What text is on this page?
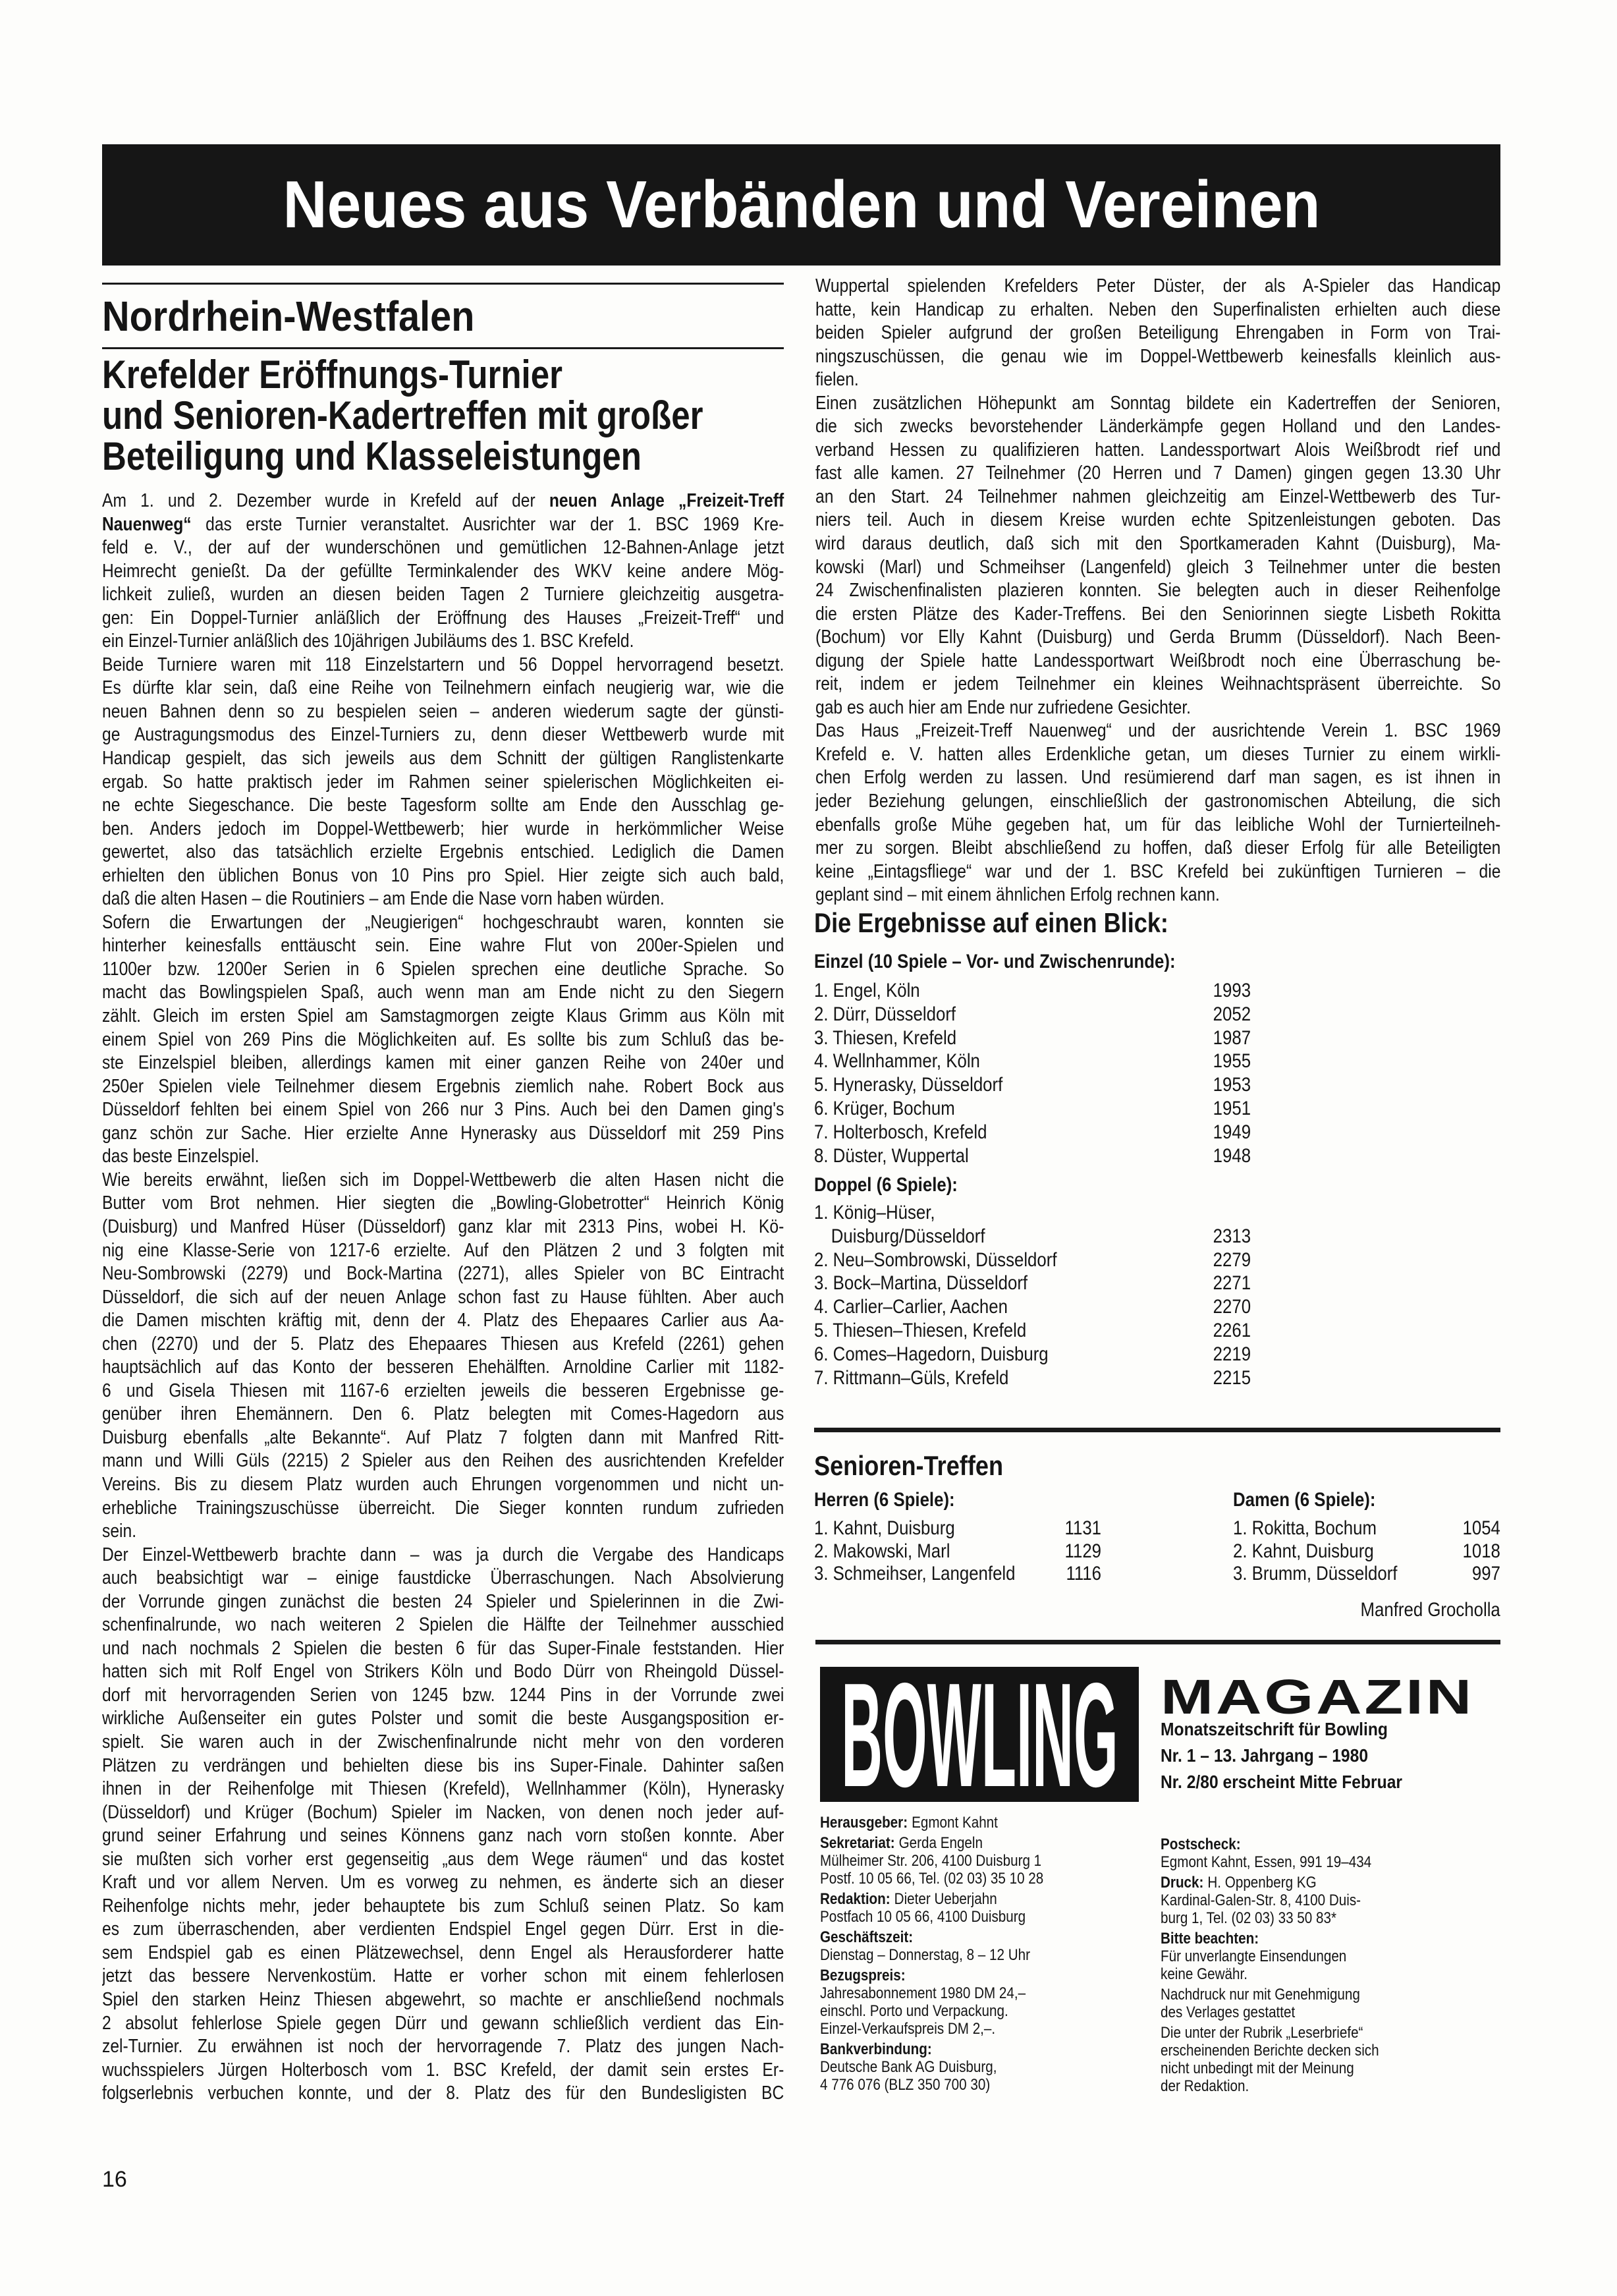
Neues aus Verbänden und Vereinen
Nordrhein-Westfalen
Krefelder Eröffnungs-Turnier
und Senioren-Kadertreffen mit großer
Beteiligung und Klasseleistungen
Am 1. und 2. Dezember wurde in Krefeld auf der neuen Anlage „Freizeit-Treff
Nauenweg“ das erste Turnier veranstaltet. Ausrichter war der 1. BSC 1969 Kre-
feld e. V., der auf der wunderschönen und gemütlichen 12-Bahnen-Anlage jetzt
Heimrecht genießt. Da der gefüllte Terminkalender des WKV keine andere Mög-
lichkeit zuließ, wurden an diesen beiden Tagen 2 Turniere gleichzeitig ausgetra-
gen: Ein Doppel-Turnier anläßlich der Eröffnung des Hauses „Freizeit-Treff“ und
ein Einzel-Turnier anläßlich des 10jährigen Jubiläums des 1. BSC Krefeld.
Beide Turniere waren mit 118 Einzelstartern und 56 Doppel hervorragend besetzt.
Es dürfte klar sein, daß eine Reihe von Teilnehmern einfach neugierig war, wie die
neuen Bahnen denn so zu bespielen seien – anderen wiederum sagte der günsti-
ge Austragungsmodus des Einzel-Turniers zu, denn dieser Wettbewerb wurde mit
Handicap gespielt, das sich jeweils aus dem Schnitt der gültigen Ranglistenkarte
ergab. So hatte praktisch jeder im Rahmen seiner spielerischen Möglichkeiten ei-
ne echte Siegeschance. Die beste Tagesform sollte am Ende den Ausschlag ge-
ben. Anders jedoch im Doppel-Wettbewerb; hier wurde in herkömmlicher Weise
gewertet, also das tatsächlich erzielte Ergebnis entschied. Lediglich die Damen
erhielten den üblichen Bonus von 10 Pins pro Spiel. Hier zeigte sich auch bald,
daß die alten Hasen – die Routiniers – am Ende die Nase vorn haben würden.
Sofern die Erwartungen der „Neugierigen“ hochgeschraubt waren, konnten sie
hinterher keinesfalls enttäuscht sein. Eine wahre Flut von 200er-Spielen und
1100er bzw. 1200er Serien in 6 Spielen sprechen eine deutliche Sprache. So
macht das Bowlingspielen Spaß, auch wenn man am Ende nicht zu den Siegern
zählt. Gleich im ersten Spiel am Samstagmorgen zeigte Klaus Grimm aus Köln mit
einem Spiel von 269 Pins die Möglichkeiten auf. Es sollte bis zum Schluß das be-
ste Einzelspiel bleiben, allerdings kamen mit einer ganzen Reihe von 240er und
250er Spielen viele Teilnehmer diesem Ergebnis ziemlich nahe. Robert Bock aus
Düsseldorf fehlten bei einem Spiel von 266 nur 3 Pins. Auch bei den Damen ging's
ganz schön zur Sache. Hier erzielte Anne Hynerasky aus Düsseldorf mit 259 Pins
das beste Einzelspiel.
Wie bereits erwähnt, ließen sich im Doppel-Wettbewerb die alten Hasen nicht die
Butter vom Brot nehmen. Hier siegten die „Bowling-Globetrotter“ Heinrich König
(Duisburg) und Manfred Hüser (Düsseldorf) ganz klar mit 2313 Pins, wobei H. Kö-
nig eine Klasse-Serie von 1217-6 erzielte. Auf den Plätzen 2 und 3 folgten mit
Neu-Sombrowski (2279) und Bock-Martina (2271), alles Spieler von BC Eintracht
Düsseldorf, die sich auf der neuen Anlage schon fast zu Hause fühlten. Aber auch
die Damen mischten kräftig mit, denn der 4. Platz des Ehepaares Carlier aus Aa-
chen (2270) und der 5. Platz des Ehepaares Thiesen aus Krefeld (2261) gehen
hauptsächlich auf das Konto der besseren Ehehälften. Arnoldine Carlier mit 1182-
6 und Gisela Thiesen mit 1167-6 erzielten jeweils die besseren Ergebnisse ge-
genüber ihren Ehemännern. Den 6. Platz belegten mit Comes-Hagedorn aus
Duisburg ebenfalls „alte Bekannte“. Auf Platz 7 folgten dann mit Manfred Ritt-
mann und Willi Güls (2215) 2 Spieler aus den Reihen des ausrichtenden Krefelder
Vereins. Bis zu diesem Platz wurden auch Ehrungen vorgenommen und nicht un-
erhebliche Trainingszuschüsse überreicht. Die Sieger konnten rundum zufrieden
sein.
Der Einzel-Wettbewerb brachte dann – was ja durch die Vergabe des Handicaps
auch beabsichtigt war – einige faustdicke Überraschungen. Nach Absolvierung
der Vorrunde gingen zunächst die besten 24 Spieler und Spielerinnen in die Zwi-
schenfinalrunde, wo nach weiteren 2 Spielen die Hälfte der Teilnehmer ausschied
und nach nochmals 2 Spielen die besten 6 für das Super-Finale feststanden. Hier
hatten sich mit Rolf Engel von Strikers Köln und Bodo Dürr von Rheingold Düssel-
dorf mit hervorragenden Serien von 1245 bzw. 1244 Pins in der Vorrunde zwei
wirkliche Außenseiter ein gutes Polster und somit die beste Ausgangsposition er-
spielt. Sie waren auch in der Zwischenfinalrunde nicht mehr von den vorderen
Plätzen zu verdrängen und behielten diese bis ins Super-Finale. Dahinter saßen
ihnen in der Reihenfolge mit Thiesen (Krefeld), Wellnhammer (Köln), Hynerasky
(Düsseldorf) und Krüger (Bochum) Spieler im Nacken, von denen noch jeder auf-
grund seiner Erfahrung und seines Könnens ganz nach vorn stoßen konnte. Aber
sie mußten sich vorher erst gegenseitig „aus dem Wege räumen“ und das kostet
Kraft und vor allem Nerven. Um es vorweg zu nehmen, es änderte sich an dieser
Reihenfolge nichts mehr, jeder behauptete bis zum Schluß seinen Platz. So kam
es zum überraschenden, aber verdienten Endspiel Engel gegen Dürr. Erst in die-
sem Endspiel gab es einen Plätzewechsel, denn Engel als Herausforderer hatte
jetzt das bessere Nervenkostüm. Hatte er vorher schon mit einem fehlerlosen
Spiel den starken Heinz Thiesen abgewehrt, so machte er anschließend nochmals
2 absolut fehlerlose Spiele gegen Dürr und gewann schließlich verdient das Ein-
zel-Turnier. Zu erwähnen ist noch der hervorragende 7. Platz des jungen Nach-
wuchsspielers Jürgen Holterbosch vom 1. BSC Krefeld, der damit sein erstes Er-
folgserlebnis verbuchen konnte, und der 8. Platz des für den Bundesligisten BC
Wuppertal spielenden Krefelders Peter Düster, der als A-Spieler das Handicap
hatte, kein Handicap zu erhalten. Neben den Superfinalisten erhielten auch diese
beiden Spieler aufgrund der großen Beteiligung Ehrengaben in Form von Trai-
ningszuschüssen, die genau wie im Doppel-Wettbewerb keinesfalls kleinlich aus-
fielen.
Einen zusätzlichen Höhepunkt am Sonntag bildete ein Kadertreffen der Senioren,
die sich zwecks bevorstehender Länderkämpfe gegen Holland und den Landes-
verband Hessen zu qualifizieren hatten. Landessportwart Alois Weißbrodt rief und
fast alle kamen. 27 Teilnehmer (20 Herren und 7 Damen) gingen gegen 13.30 Uhr
an den Start. 24 Teilnehmer nahmen gleichzeitig am Einzel-Wettbewerb des Tur-
niers teil. Auch in diesem Kreise wurden echte Spitzenleistungen geboten. Das
wird daraus deutlich, daß sich mit den Sportkameraden Kahnt (Duisburg), Ma-
kowski (Marl) und Schmeihser (Langenfeld) gleich 3 Teilnehmer unter die besten
24 Zwischenfinalisten plazieren konnten. Sie belegten auch in dieser Reihenfolge
die ersten Plätze des Kader-Treffens. Bei den Seniorinnen siegte Lisbeth Rokitta
(Bochum) vor Elly Kahnt (Duisburg) und Gerda Brumm (Düsseldorf). Nach Been-
digung der Spiele hatte Landessportwart Weißbrodt noch eine Überraschung be-
reit, indem er jedem Teilnehmer ein kleines Weihnachtspräsent überreichte. So
gab es auch hier am Ende nur zufriedene Gesichter.
Das Haus „Freizeit-Treff Nauenweg“ und der ausrichtende Verein 1. BSC 1969
Krefeld e. V. hatten alles Erdenkliche getan, um dieses Turnier zu einem wirkli-
chen Erfolg werden zu lassen. Und resümierend darf man sagen, es ist ihnen in
jeder Beziehung gelungen, einschließlich der gastronomischen Abteilung, die sich
ebenfalls große Mühe gegeben hat, um für das leibliche Wohl der Turnierteilneh-
mer zu sorgen. Bleibt abschließend zu hoffen, daß dieser Erfolg für alle Beteiligten
keine „Eintagsfliege“ war und der 1. BSC Krefeld bei zukünftigen Turnieren – die
geplant sind – mit einem ähnlichen Erfolg rechnen kann.
Die Ergebnisse auf einen Blick:
Einzel (10 Spiele – Vor- und Zwischenrunde):
1. Engel, Köln	1993
2. Dürr, Düsseldorf	2052
3. Thiesen, Krefeld	1987
4. Wellnhammer, Köln	1955
5. Hynerasky, Düsseldorf	1953
6. Krüger, Bochum	1951
7. Holterbosch, Krefeld	1949
8. Düster, Wuppertal	1948
Doppel (6 Spiele):
1. König–Hüser,
Duisburg/Düsseldorf	2313
2. Neu–Sombrowski, Düsseldorf	2279
3. Bock–Martina, Düsseldorf	2271
4. Carlier–Carlier, Aachen	2270
5. Thiesen–Thiesen, Krefeld	2261
6. Comes–Hagedorn, Duisburg	2219
7. Rittmann–Güls, Krefeld	2215
Senioren-Treffen
Herren (6 Spiele):	Damen (6 Spiele):
1. Kahnt, Duisburg	1131
2. Makowski, Marl	1129
3. Schmeihser, Langenfeld	1116
1. Rokitta, Bochum	1054
2. Kahnt, Duisburg	1018
3. Brumm, Düsseldorf	997
Manfred Grocholla
BOWLING MAGAZIN
Monatszeitschrift für Bowling
Nr. 1 – 13. Jahrgang – 1980
Nr. 2/80 erscheint Mitte Februar
Herausgeber: Egmont Kahnt
Sekretariat: Gerda Engeln
Mülheimer Str. 206, 4100 Duisburg 1
Postf. 10 05 66, Tel. (02 03) 35 10 28
Redaktion: Dieter Ueberjahn
Postfach 10 05 66, 4100 Duisburg
Geschäftszeit:
Dienstag – Donnerstag, 8 – 12 Uhr
Bezugspreis:
Jahresabonnement 1980 DM 24,–
einschl. Porto und Verpackung.
Einzel-Verkaufspreis DM 2,–.
Bankverbindung:
Deutsche Bank AG Duisburg,
4 776 076 (BLZ 350 700 30)
Postscheck:
Egmont Kahnt, Essen, 991 19–434
Druck: H. Oppenberg KG
Kardinal-Galen-Str. 8, 4100 Duis-
burg 1, Tel. (02 03) 33 50 83*
Bitte beachten:
Für unverlangte Einsendungen
keine Gewähr.
Nachdruck nur mit Genehmigung
des Verlages gestattet
Die unter der Rubrik „Leserbriefe“
erscheinenden Berichte decken sich
nicht unbedingt mit der Meinung
der Redaktion.
16
